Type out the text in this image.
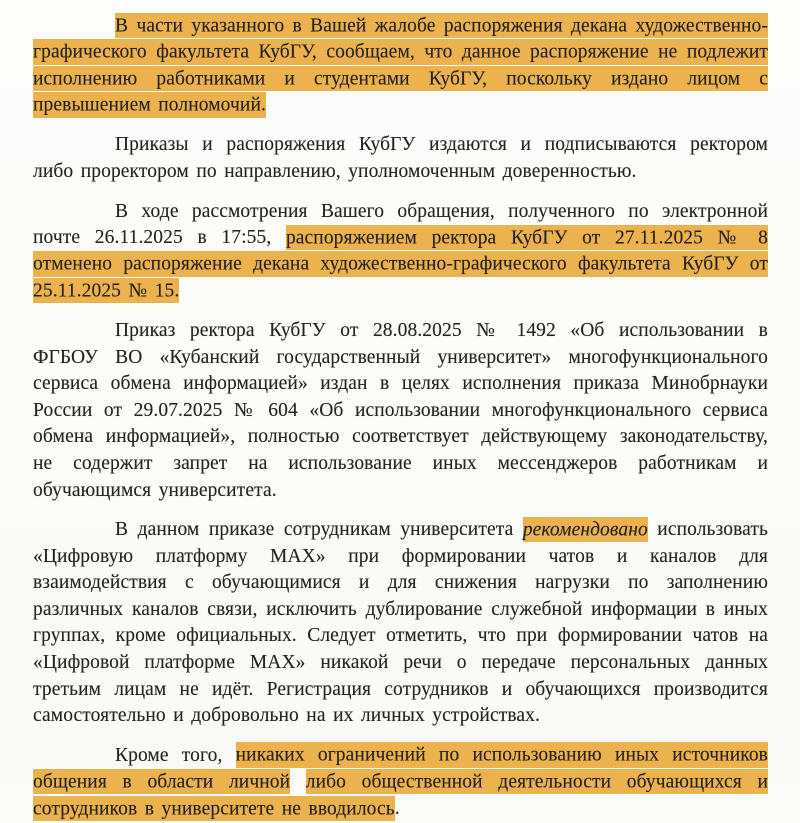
В части указанного в Вашей жалобе распоряжения декана художественно-графического факультета КубГУ, сообщаем, что данное распоряжение не подлежит исполнению работниками и студентами КубГУ, поскольку издано лицом с превышением полномочий.

Приказы и распоряжения КубГУ издаются и подписываются ректором либо проректором по направлению, уполномоченным доверенностью.

В ходе рассмотрения Вашего обращения, полученного по электронной почте 26.11.2025 в 17:55, распоряжением ректора КубГУ от 27.11.2025 № 8 отменено распоряжение декана художественно-графического факультета КубГУ от 25.11.2025 № 15.

Приказ ректора КубГУ от 28.08.2025 № 1492 «Об использовании в ФГБОУ ВО «Кубанский государственный университет» многофункционального сервиса обмена информацией» издан в целях исполнения приказа Минобрнауки России от 29.07.2025 № 604 «Об использовании многофункционального сервиса обмена информацией», полностью соответствует действующему законодательству, не содержит запрет на использование иных мессенджеров работникам и обучающимся университета.

В данном приказе сотрудникам университета рекомендовано использовать «Цифровую платформу MAX» при формировании чатов и каналов для взаимодействия с обучающимися и для снижения нагрузки по заполнению различных каналов связи, исключить дублирование служебной информации в иных группах, кроме официальных. Следует отметить, что при формировании чатов на «Цифровой платформе MAX» никакой речи о передаче персональных данных третьим лицам не идёт. Регистрация сотрудников и обучающихся производится самостоятельно и добровольно на их личных устройствах.

Кроме того, никаких ограничений по использованию иных источников общения в области личной либо общественной деятельности обучающихся и сотрудников в университете не вводилось.
